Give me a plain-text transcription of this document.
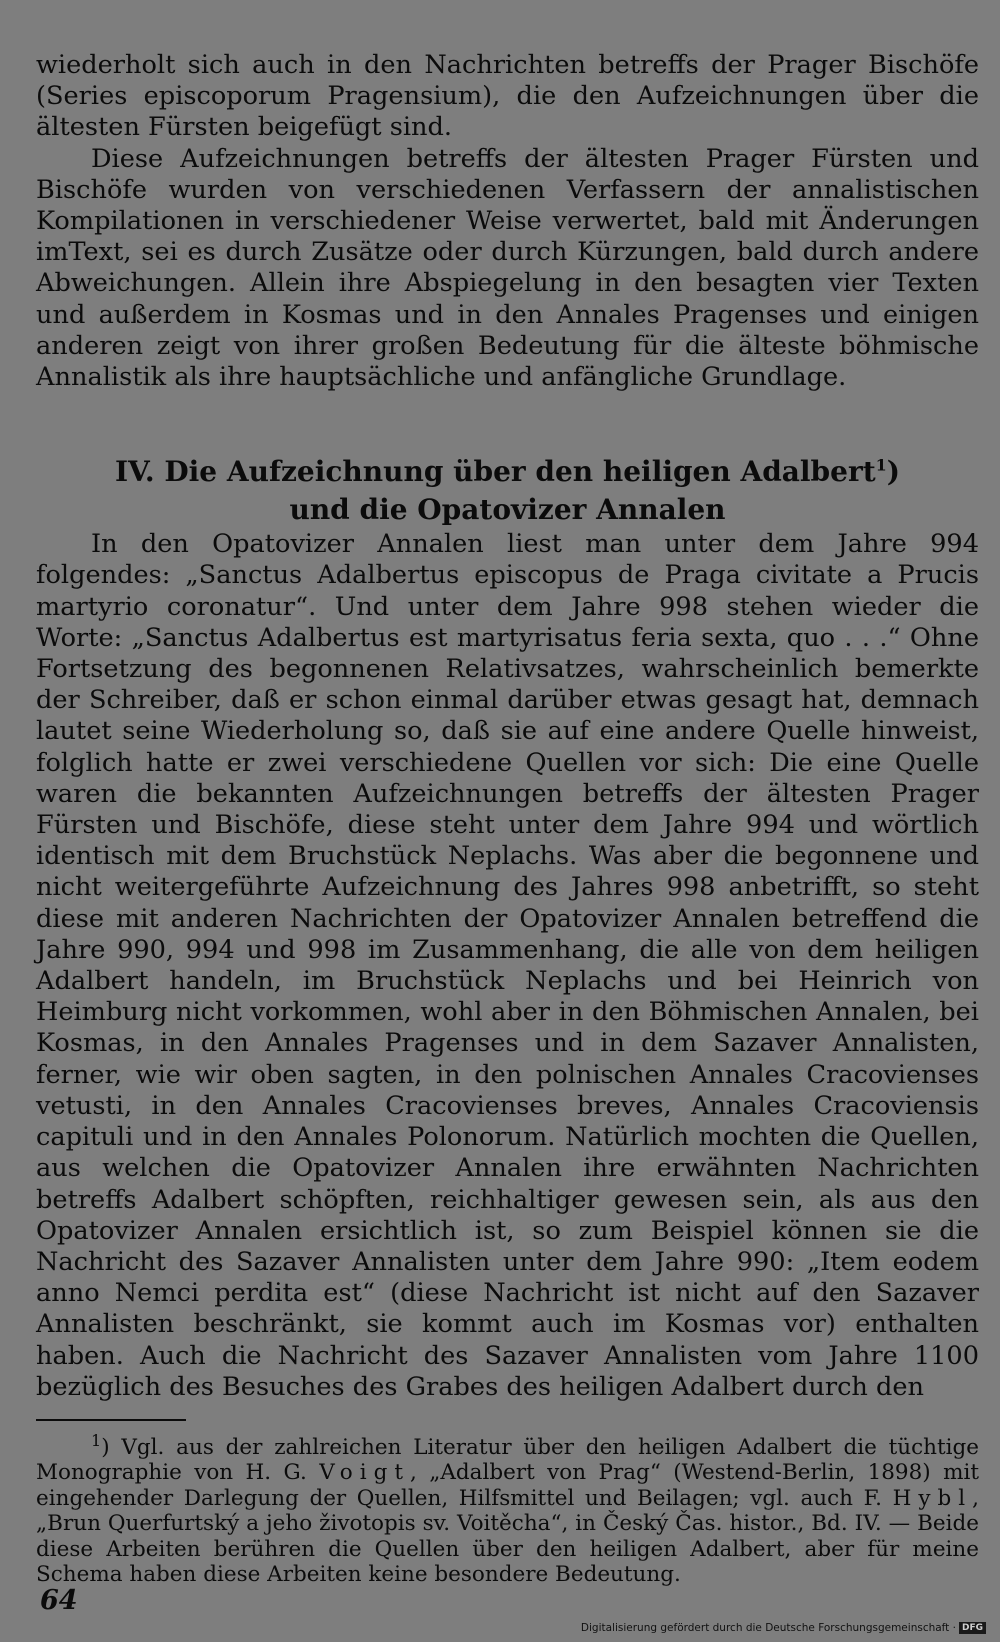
wiederholt sich auch in den Nachrichten betreffs der Prager Bischöfe (Series episcoporum Pragensium), die den Aufzeichnungen über die ältesten Fürsten beigefügt sind.

Diese Aufzeichnungen betreffs der ältesten Prager Fürsten und Bischöfe wurden von verschiedenen Verfassern der annalistischen Kompilationen in verschiedener Weise verwertet, bald mit Änderungen imText, sei es durch Zusätze oder durch Kürzungen, bald durch andere Abweichungen. Allein ihre Abspiegelung in den besagten vier Texten und außerdem in Kosmas und in den Annales Pragenses und einigen anderen zeigt von ihrer großen Bedeutung für die älteste böhmische Annalistik als ihre hauptsächliche und anfängliche Grundlage.

IV. Die Aufzeichnung über den heiligen Adalbert$^1$)
und die Opatovizer Annalen

In den Opatovizer Annalen liest man unter dem Jahre 994 folgendes: „Sanctus Adalbertus episcopus de Praga civitate a Prucis martyrio coronatur“. Und unter dem Jahre 998 stehen wieder die Worte: „Sanctus Adalbertus est martyrisatus feria sexta, quo . . .“ Ohne Fortsetzung des begonnenen Relativsatzes, wahrscheinlich bemerkte der Schreiber, daß er schon einmal darüber etwas gesagt hat, demnach lautet seine Wiederholung so, daß sie auf eine andere Quelle hinweist, folglich hatte er zwei verschiedene Quellen vor sich: Die eine Quelle waren die bekannten Aufzeichnungen betreffs der ältesten Prager Fürsten und Bischöfe, diese steht unter dem Jahre 994 und wörtlich identisch mit dem Bruchstück Neplachs. Was aber die begonnene und nicht weitergeführte Aufzeichnung des Jahres 998 anbetrifft, so steht diese mit anderen Nachrichten der Opatovizer Annalen betreffend die Jahre 990, 994 und 998 im Zusammenhang, die alle von dem heiligen Adalbert handeln, im Bruchstück Neplachs und bei Heinrich von Heimburg nicht vorkommen, wohl aber in den Böhmischen Annalen, bei Kosmas, in den Annales Pragenses und in dem Sazaver Annalisten, ferner, wie wir oben sagten, in den polnischen Annales Cracovienses vetusti, in den Annales Cracovienses breves, Annales Cracoviensis capituli und in den Annales Polonorum. Natürlich mochten die Quellen, aus welchen die Opatovizer Annalen ihre erwähnten Nachrichten betreffs Adalbert schöpften, reichhaltiger gewesen sein, als aus den Opatovizer Annalen ersichtlich ist, so zum Beispiel können sie die Nachricht des Sazaver Annalisten unter dem Jahre 990: „Item eodem anno Nemci perdita est“ (diese Nachricht ist nicht auf den Sazaver Annalisten beschränkt, sie kommt auch im Kosmas vor) enthalten haben. Auch die Nachricht des Sazaver Annalisten vom Jahre 1100 bezüglich des Besuches des Grabes des heiligen Adalbert durch den

$^1$) Vgl. aus der zahlreichen Literatur über den heiligen Adalbert die tüchtige Monographie von H. G. Voigt, „Adalbert von Prag“ (Westend-Berlin, 1898) mit eingehender Darlegung der Quellen, Hilfsmittel und Beilagen; vgl. auch F. Hybl, „Brun Querfurtský a jeho životopis sv. Voitěcha“, in Český Čas. histor., Bd. IV. — Beide diese Arbeiten berühren die Quellen über den heiligen Adalbert, aber für meine Schema haben diese Arbeiten keine besondere Bedeutung.

64
Digitalisierung gefördert durch die Deutsche Forschungsgemeinschaft · DFG
